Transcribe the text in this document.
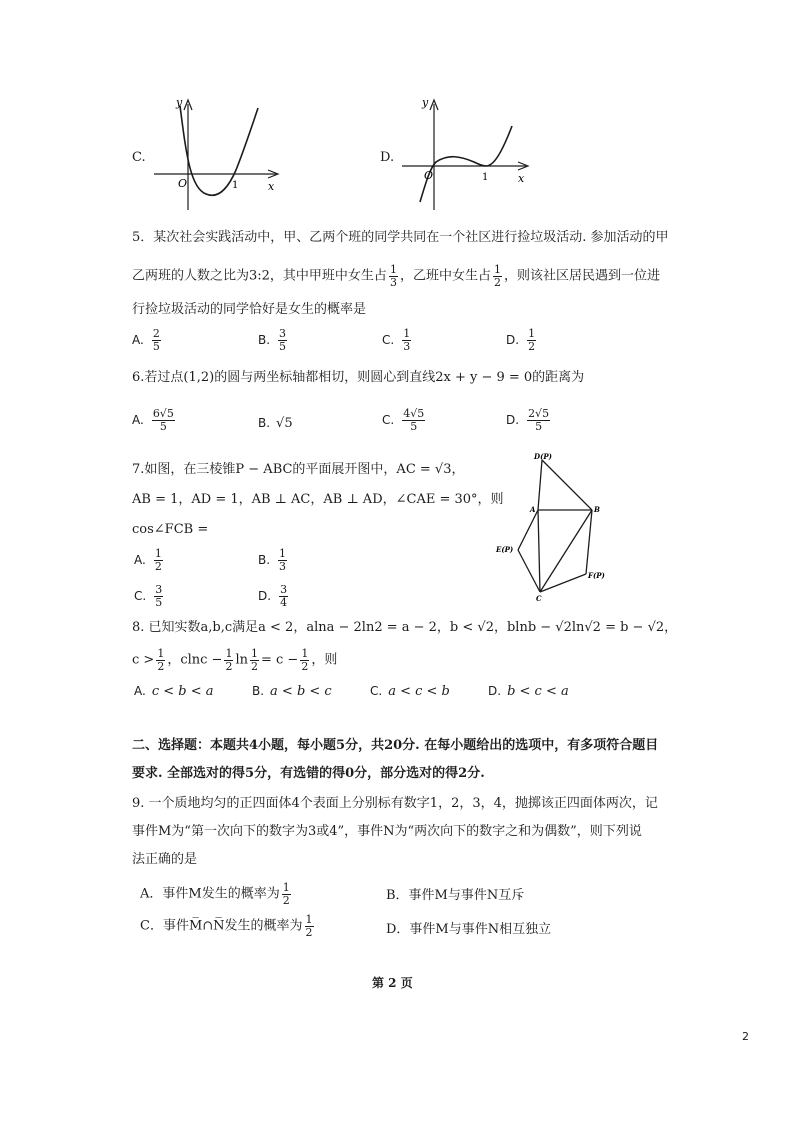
C.
y
x
O	1
D.
y
x
O	1
5．某次社会实践活动中，甲、乙两个班的同学共同在一个社区进行捡垃圾活动. 参加活动的甲
乙两班的人数之比为3:2，其中甲班中女生占 $\frac{1}{3}$ ，乙班中女生占 $\frac{1}{2}$ ，则该社区居民遇到一位进
行捡垃圾活动的同学恰好是女生的概率是
A. $\frac{2}{5}$	B. $\frac{3}{5}$	C. $\frac{1}{3}$	D. $\frac{1}{2}$
6.若过点(1,2)的圆与两坐标轴都相切，则圆心到直线2x + y − 9 = 0的距离为
A. $\frac{6√5}{5}$	B. √5	C. $\frac{4√5}{5}$	D. $\frac{2√5}{5}$
7.如图，在三棱锥P − ABC的平面展开图中，AC = √3，
AB = 1，AD = 1，AB ⊥ AC，AB ⊥ AD，∠CAE = 30°，则
cos∠FCB =
A. $\frac{1}{2}$	B. $\frac{1}{3}$
C. $\frac{3}{5}$	D. $\frac{3}{4}$
D(P)
A	B
E(P)
F(P)
C
8. 已知实数a,b,c满足a < 2，alna − 2ln2 = a − 2，b < √2，blnb − √2ln√2 = b − √2，
$c > \frac{1}{2}$ ，$clnc - \frac{1}{2}$ $\ln \frac{1}{2} = c - \frac{1}{2}$ ，则
A. c < b < a	B. a < b < c	C. a < c < b	D. b < c < a
二、选择题：本题共4小题，每小题5分，共20分. 在每小题给出的选项中，有多项符合题目
要求. 全部选对的得5分，有选错的得0分，部分选对的得2分.
9. 一个质地均匀的正四面体4个表面上分别标有数字1，2，3，4，抛掷该正四面体两次，记
事件M为“第一次向下的数字为3或4”，事件N为“两次向下的数字之和为偶数”，则下列说
法正确的是
A．事件M发生的概率为 $\frac{1}{2}$	B．事件M与事件N互斥
C．事件M̅∩N̅发生的概率为 $\frac{1}{2}$	D．事件M与事件N相互独立
第 2 页
2
